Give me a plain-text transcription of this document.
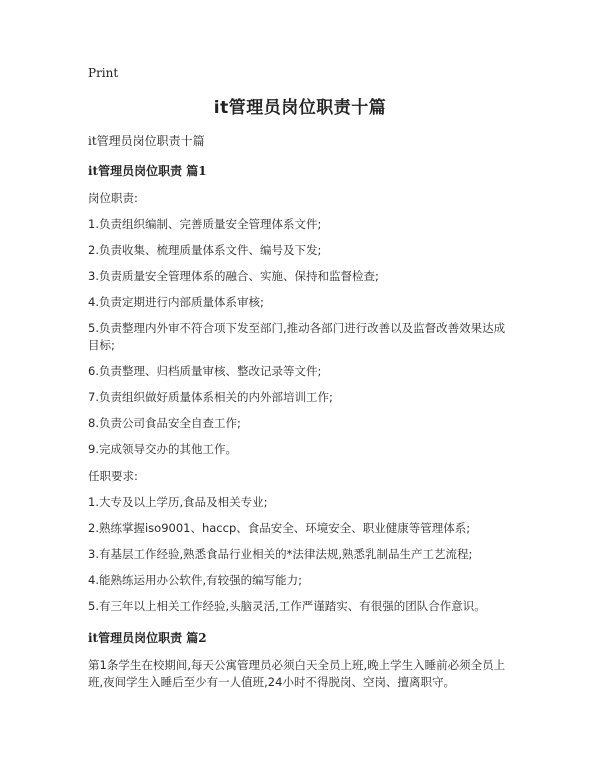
Print

it管理员岗位职责十篇

it管理员岗位职责十篇

it管理员岗位职责 篇1

岗位职责:

1.负责组织编制、完善质量安全管理体系文件;
2.负责收集、梳理质量体系文件、编号及下发;
3.负责质量安全管理体系的融合、实施、保持和监督检查;
4.负责定期进行内部质量体系审核;
5.负责整理内外审不符合项下发至部门,推动各部门进行改善以及监督改善效果达成目标;
6.负责整理、归档质量审核、整改记录等文件;
7.负责组织做好质量体系相关的内外部培训工作;
8.负责公司食品安全自查工作;
9.完成领导交办的其他工作。

任职要求:

1.大专及以上学历,食品及相关专业;
2.熟练掌握iso9001、haccp、食品安全、环境安全、职业健康等管理体系;
3.有基层工作经验,熟悉食品行业相关的*法律法规,熟悉乳制品生产工艺流程;
4.能熟练运用办公软件,有较强的编写能力;
5.有三年以上相关工作经验,头脑灵活,工作严谨踏实、有很强的团队合作意识。
it管理员岗位职责 篇2

第1条学生在校期间,每天公寓管理员必须白天全员上班,晚上学生入睡前必须全员上班,夜间学生入睡后至少有一人值班,24小时不得脱岗、空岗、擅离职守。
